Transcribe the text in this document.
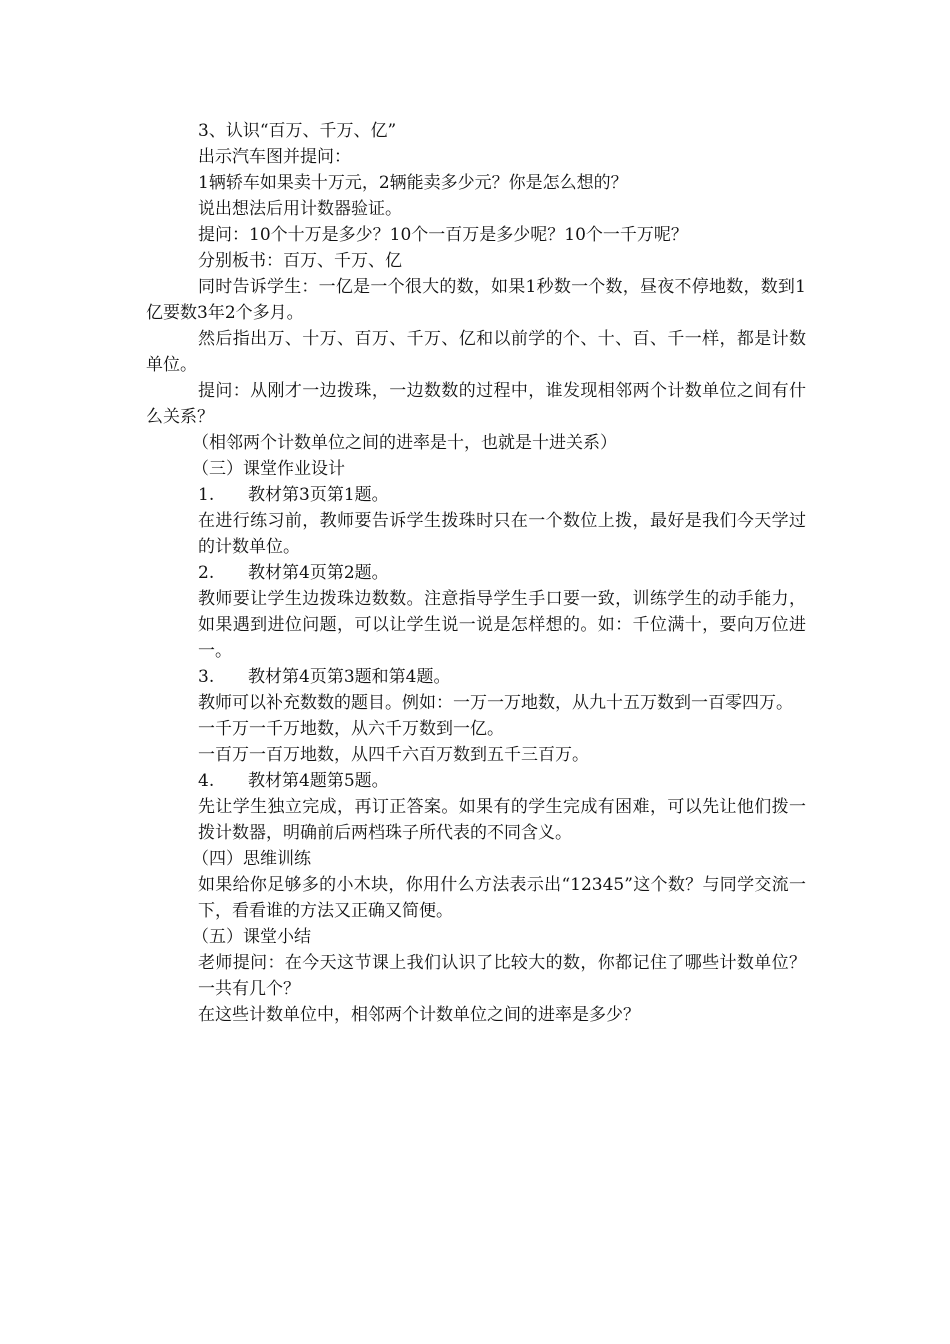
3、认识“百万、千万、亿”

出示汽车图并提问：

1辆轿车如果卖十万元，2辆能卖多少元？你是怎么想的？

说出想法后用计数器验证。

提问：10个十万是多少？10个一百万是多少呢？10个一千万呢？

分别板书：百万、千万、亿

同时告诉学生：一亿是一个很大的数，如果1秒数一个数，昼夜不停地数，数到1亿要数3年2个多月。

然后指出万、十万、百万、千万、亿和以前学的个、十、百、千一样，都是计数单位。

提问：从刚才一边拨珠，一边数数的过程中，谁发现相邻两个计数单位之间有什么关系？

（相邻两个计数单位之间的进率是十，也就是十进关系）

（三）课堂作业设计

1. 教材第3页第1题。

在进行练习前，教师要告诉学生拨珠时只在一个数位上拨，最好是我们今天学过的计数单位。

2. 教材第4页第2题。

教师要让学生边拨珠边数数。注意指导学生手口要一致，训练学生的动手能力，如果遇到进位问题，可以让学生说一说是怎样想的。如：千位满十，要向万位进一。

3. 教材第4页第3题和第4题。

教师可以补充数数的题目。例如：一万一万地数，从九十五万数到一百零四万。

一千万一千万地数，从六千万数到一亿。

一百万一百万地数，从四千六百万数到五千三百万。

4. 教材第4题第5题。

先让学生独立完成，再订正答案。如果有的学生完成有困难，可以先让他们拨一拨计数器，明确前后两档珠子所代表的不同含义。

（四）思维训练

如果给你足够多的小木块，你用什么方法表示出“12345”这个数？与同学交流一下，看看谁的方法又正确又简便。

（五）课堂小结

老师提问：在今天这节课上我们认识了比较大的数，你都记住了哪些计数单位？ 一共有几个？

在这些计数单位中，相邻两个计数单位之间的进率是多少？
